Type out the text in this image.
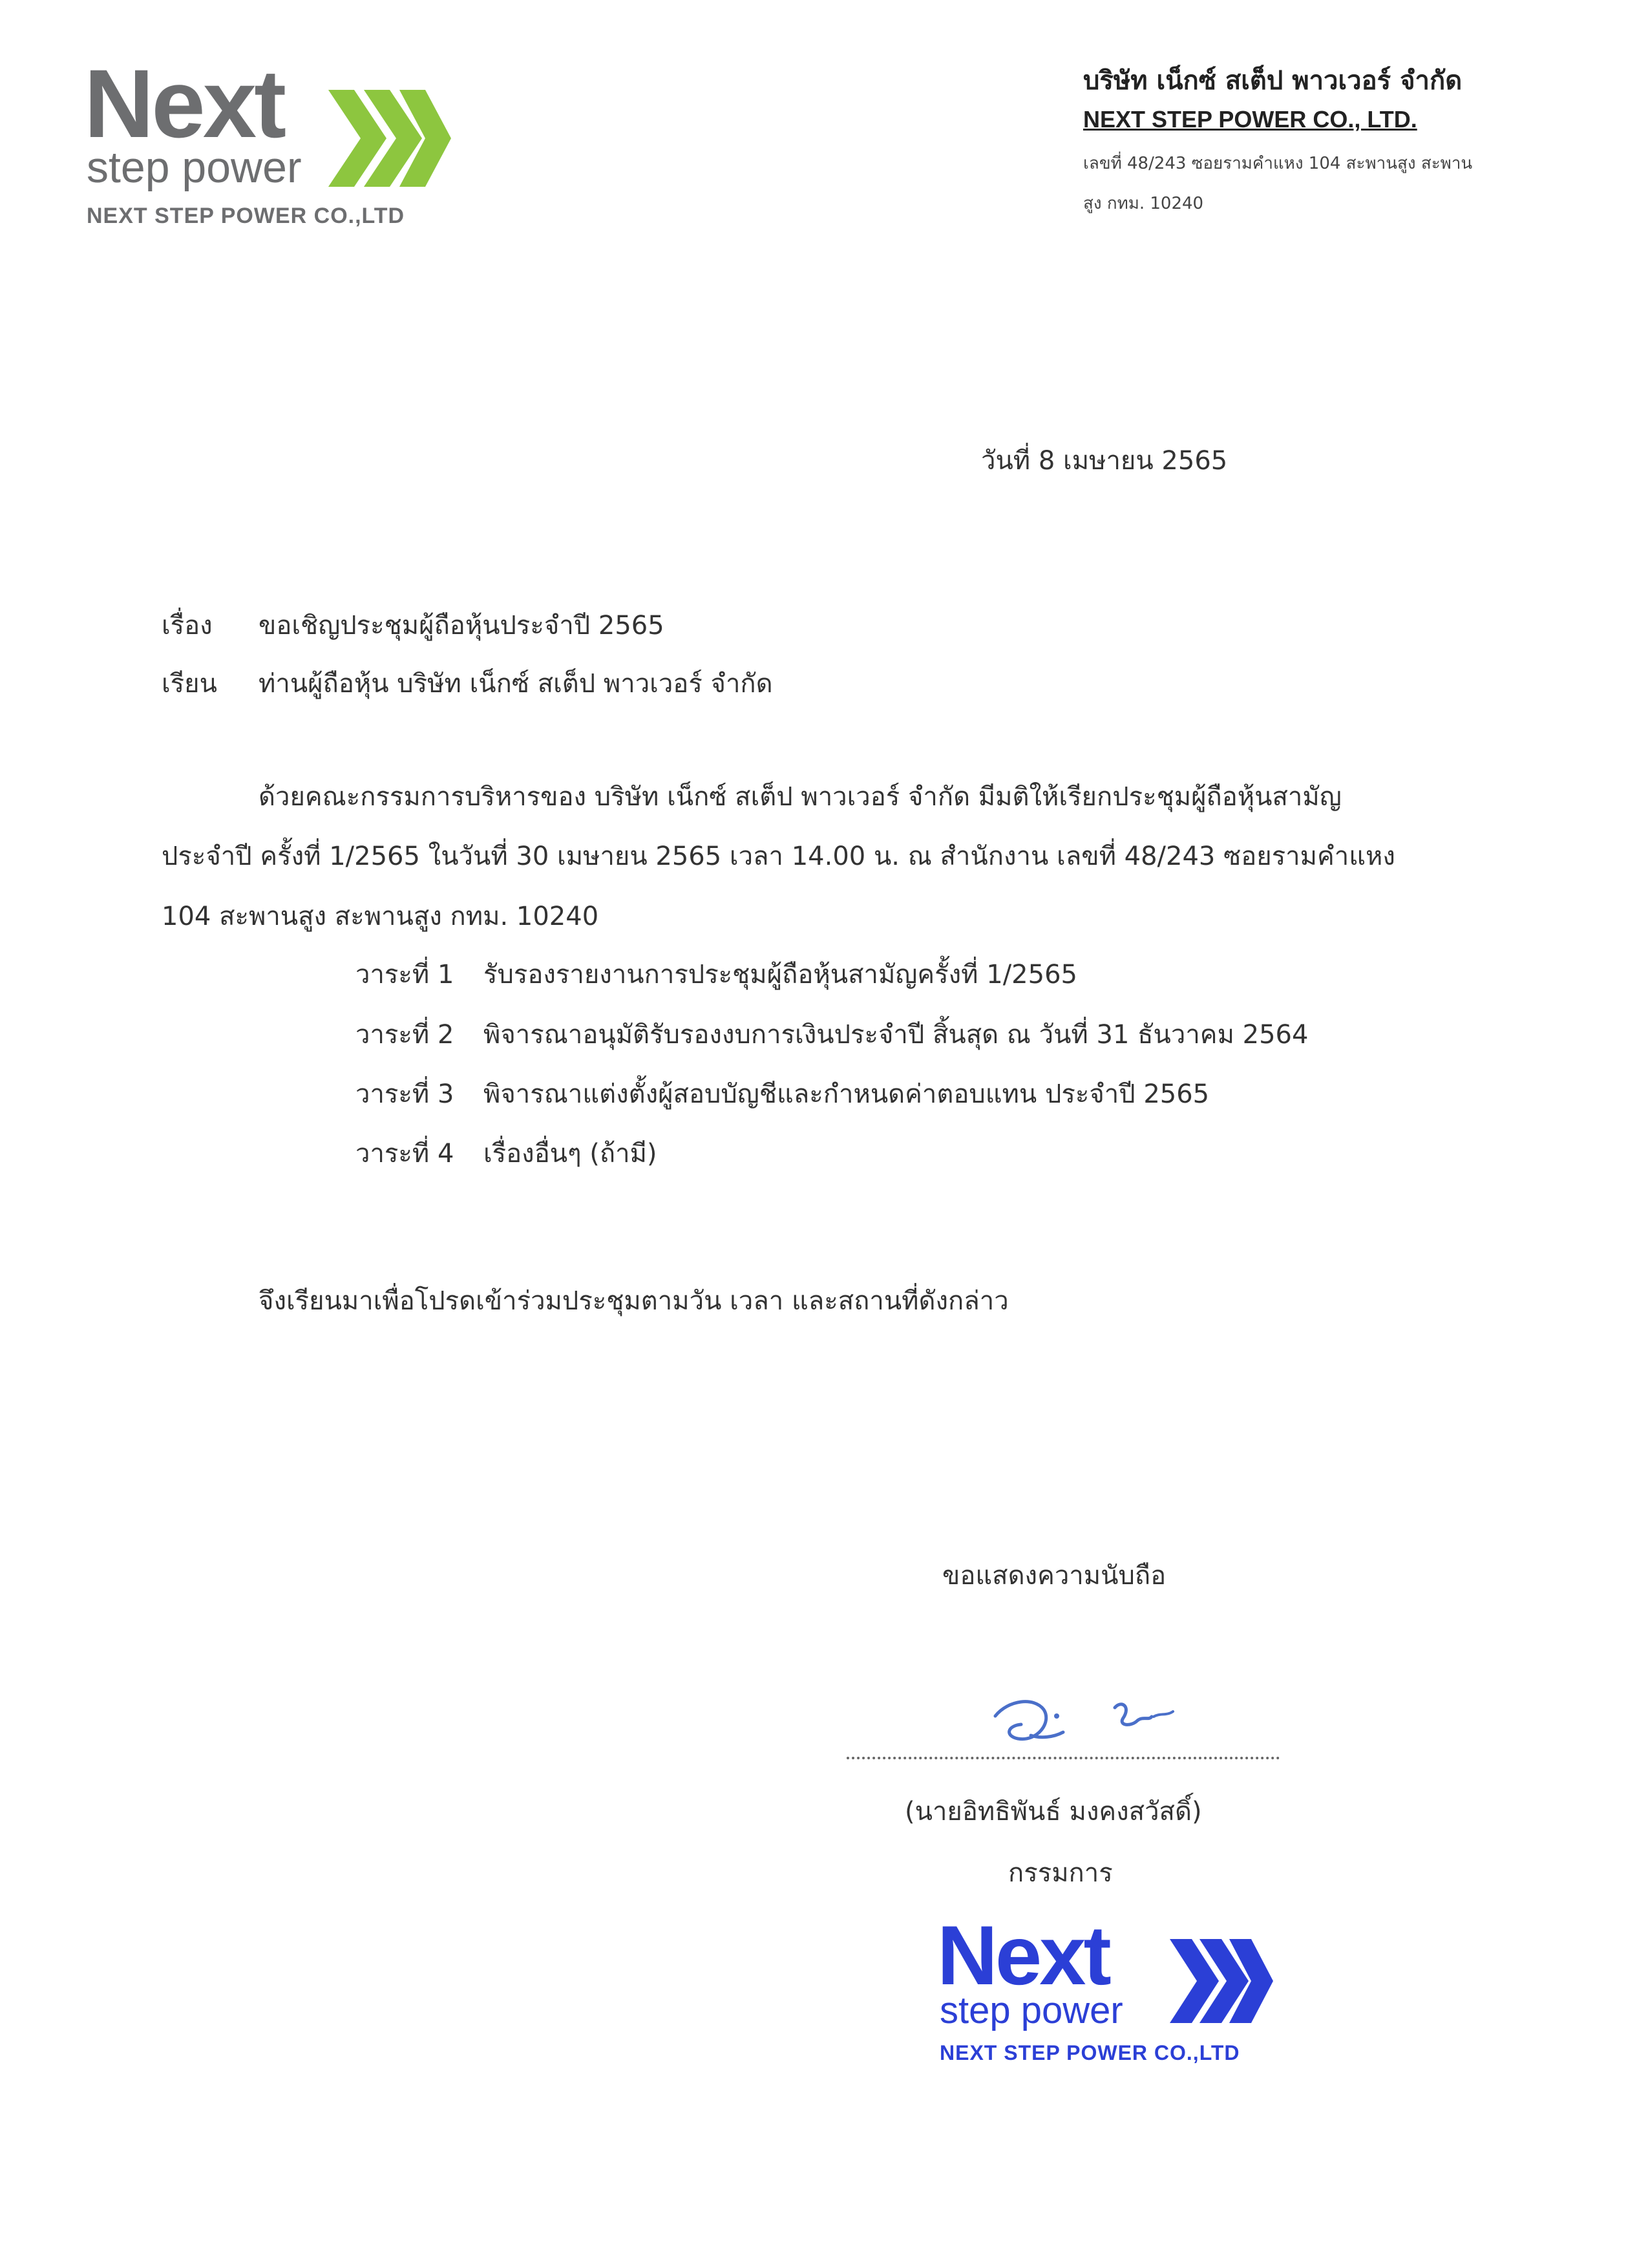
Next
step power
NEXT STEP POWER CO.,LTD
บริษัท เน็กซ์ สเต็ป พาวเวอร์ จำกัด
NEXT STEP POWER CO., LTD.
เลขที่ 48/243 ซอยรามคำแหง 104 สะพานสูง สะพาน
สูง กทม. 10240
วันที่ 8 เมษายน 2565
เรื่อง ขอเชิญประชุมผู้ถือหุ้นประจำปี 2565
เรียน ท่านผู้ถือหุ้น บริษัท เน็กซ์ สเต็ป พาวเวอร์ จำกัด
ด้วยคณะกรรมการบริหารของ บริษัท เน็กซ์ สเต็ป พาวเวอร์ จำกัด มีมติให้เรียกประชุมผู้ถือหุ้นสามัญ
ประจำปี ครั้งที่ 1/2565 ในวันที่ 30 เมษายน 2565 เวลา 14.00 น. ณ สำนักงาน เลขที่ 48/243 ซอยรามคำแหง
104 สะพานสูง สะพานสูง กทม. 10240
วาระที่ 1 รับรองรายงานการประชุมผู้ถือหุ้นสามัญครั้งที่ 1/2565
วาระที่ 2 พิจารณาอนุมัติรับรองงบการเงินประจำปี สิ้นสุด ณ วันที่ 31 ธันวาคม 2564
วาระที่ 3 พิจารณาแต่งตั้งผู้สอบบัญชีและกำหนดค่าตอบแทน ประจำปี 2565
วาระที่ 4 เรื่องอื่นๆ (ถ้ามี)
จึงเรียนมาเพื่อโปรดเข้าร่วมประชุมตามวัน เวลา และสถานที่ดังกล่าว
ขอแสดงความนับถือ
(นายอิทธิพันธ์ มงคงสวัสดิ์)
กรรมการ
Next
step power
NEXT STEP POWER CO.,LTD
